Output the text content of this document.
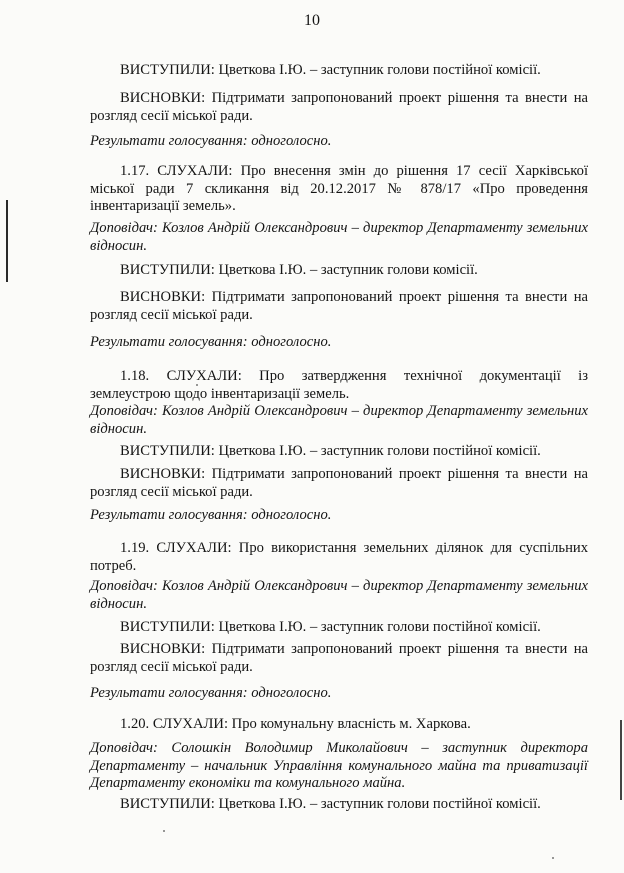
10
ВИСТУПИЛИ: Цветкова І.Ю. – заступник голови постійної комісії.
ВИСНОВКИ: Підтримати запропонований проект рішення та внести на розгляд сесії міської ради.
Результати голосування: одноголосно.
1.17. СЛУХАЛИ: Про внесення змін до рішення 17 сесії Харківської міської ради 7 скликання від 20.12.2017 № 878/17 «Про проведення інвентаризації земель».
Доповідач: Козлов Андрій Олександрович – директор Департаменту земельних відносин.
ВИСТУПИЛИ: Цветкова І.Ю. – заступник голови комісії.
ВИСНОВКИ: Підтримати запропонований проект рішення та внести на розгляд сесії міської ради.
Результати голосування: одноголосно.
1.18. СЛУХАЛИ: Про затвердження технічної документації із землеустрою щодо інвентаризації земель.
Доповідач: Козлов Андрій Олександрович – директор Департаменту земельних відносин.
ВИСТУПИЛИ: Цветкова І.Ю. – заступник голови постійної комісії.
ВИСНОВКИ: Підтримати запропонований проект рішення та внести на розгляд сесії міської ради.
Результати голосування: одноголосно.
1.19. СЛУХАЛИ: Про використання земельних ділянок для суспільних потреб.
Доповідач: Козлов Андрій Олександрович – директор Департаменту земельних відносин.
ВИСТУПИЛИ: Цветкова І.Ю. – заступник голови постійної комісії.
ВИСНОВКИ: Підтримати запропонований проект рішення та внести на розгляд сесії міської ради.
Результати голосування: одноголосно.
1.20. СЛУХАЛИ: Про комунальну власність м. Харкова.
Доповідач: Солошкін Володимир Миколайович – заступник директора Департаменту – начальник Управління комунального майна та приватизації Департаменту економіки та комунального майна.
ВИСТУПИЛИ: Цветкова І.Ю. – заступник голови постійної комісії.
